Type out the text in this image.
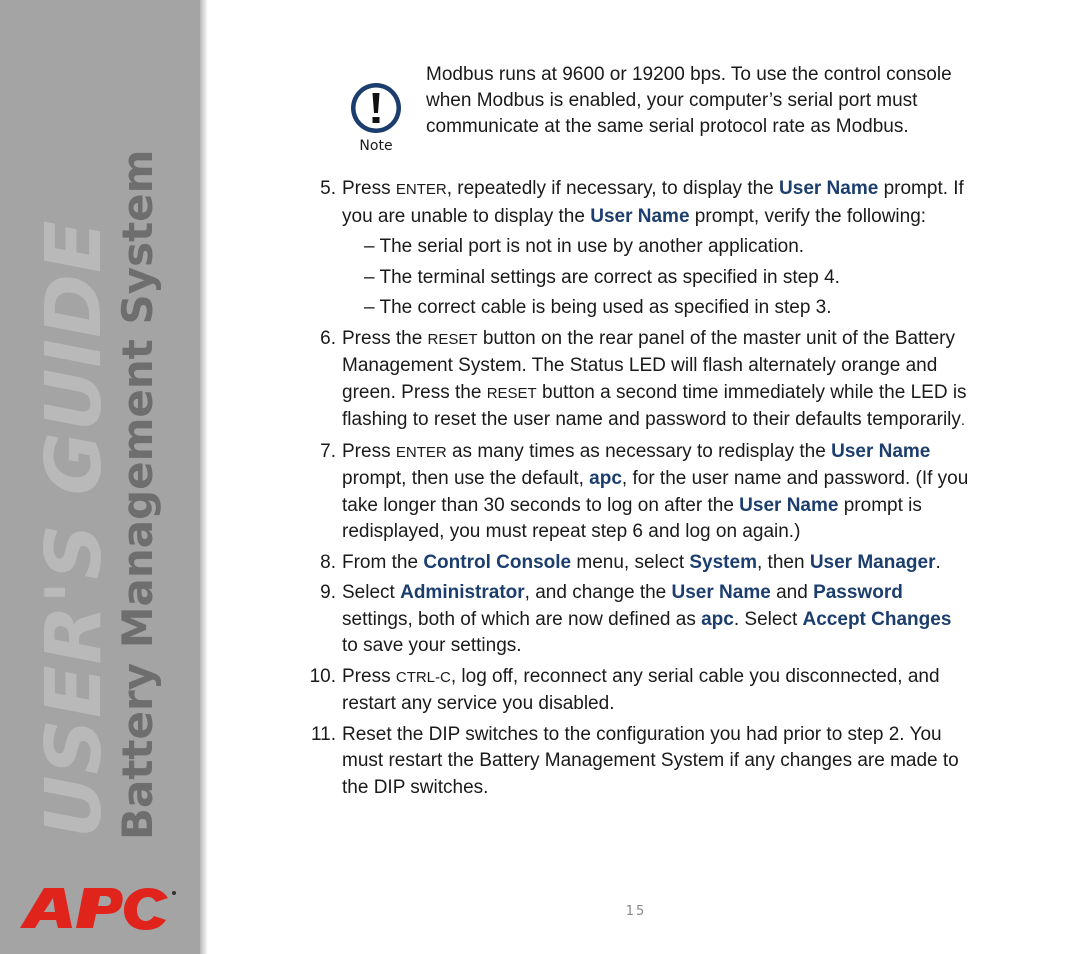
USER'S GUIDE
Battery Management System
Note
Modbus runs at 9600 or 19200 bps. To use the control console when Modbus is enabled, your computer’s serial port must communicate at the same serial protocol rate as Modbus.
5. Press ENTER, repeatedly if necessary, to display the User Name prompt. If you are unable to display the User Name prompt, verify the following:
– The serial port is not in use by another application.
– The terminal settings are correct as specified in step 4.
– The correct cable is being used as specified in step 3.
6. Press the RESET button on the rear panel of the master unit of the Battery Management System. The Status LED will flash alternately orange and green. Press the RESET button a second time immediately while the LED is flashing to reset the user name and password to their defaults temporarily.
7. Press ENTER as many times as necessary to redisplay the User Name prompt, then use the default, apc, for the user name and password. (If you take longer than 30 seconds to log on after the User Name prompt is redisplayed, you must repeat step 6 and log on again.)
8. From the Control Console menu, select System, then User Manager.
9. Select Administrator, and change the User Name and Password settings, both of which are now defined as apc. Select Accept Changes to save your settings.
10. Press CTRL-C, log off, reconnect any serial cable you disconnected, and restart any service you disabled.
11. Reset the DIP switches to the configuration you had prior to step 2. You must restart the Battery Management System if any changes are made to the DIP switches.
15
